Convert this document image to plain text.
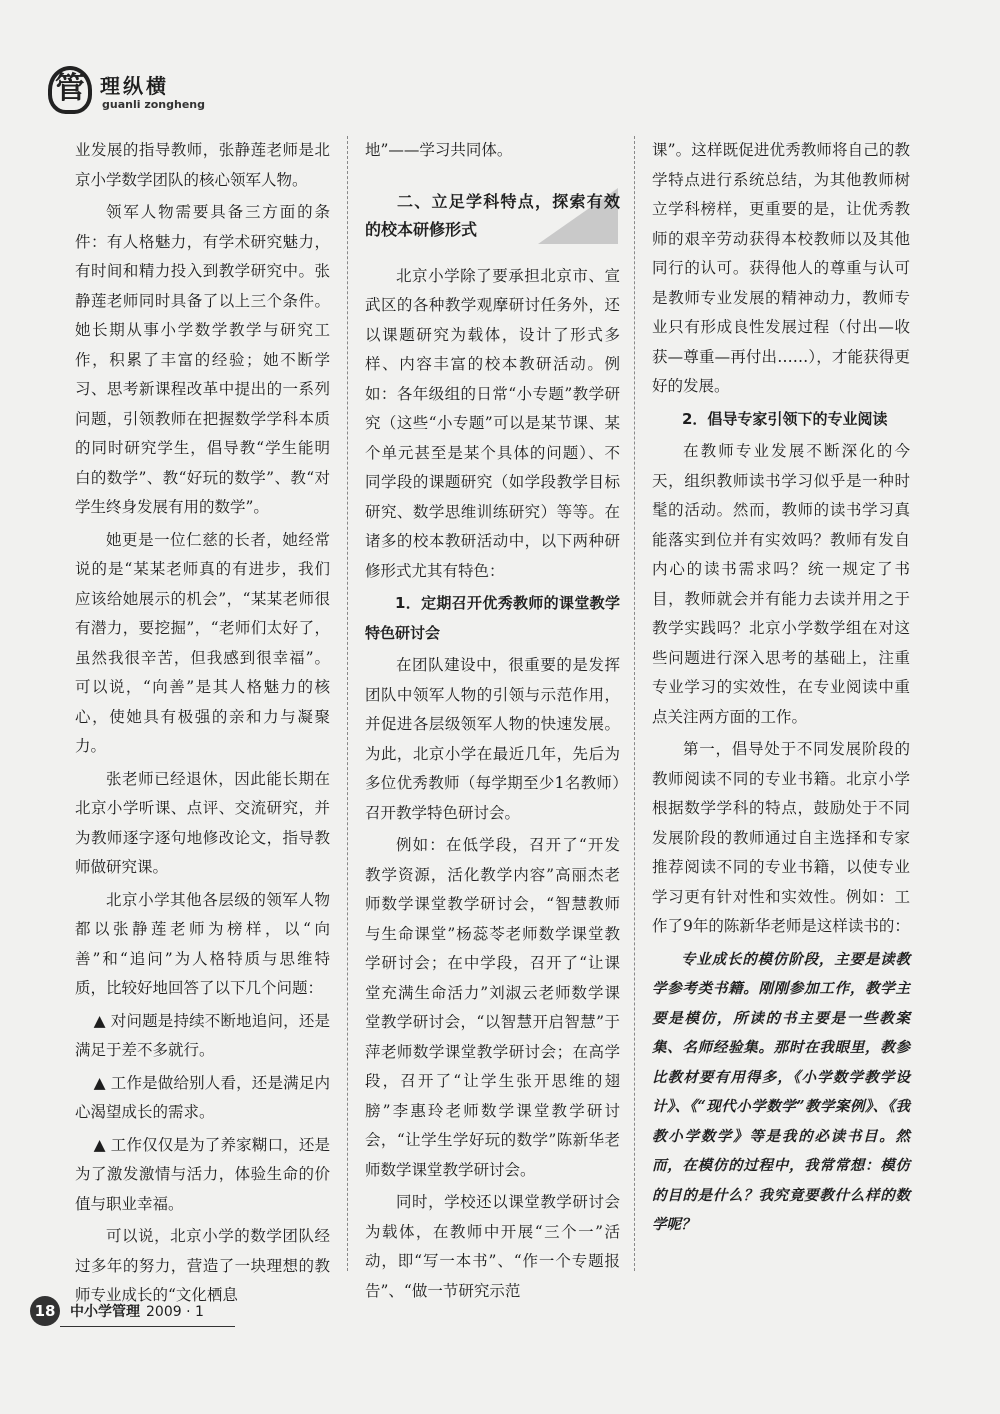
管 理纵横
guanli zongheng

业发展的指导教师，张静莲老师是北京小学数学团队的核心领军人物。

领军人物需要具备三方面的条件：有人格魅力，有学术研究魅力，有时间和精力投入到教学研究中。张静莲老师同时具备了以上三个条件。她长期从事小学数学教学与研究工作，积累了丰富的经验；她不断学习、思考新课程改革中提出的一系列问题，引领教师在把握数学学科本质的同时研究学生，倡导教“学生能明白的数学”、教“好玩的数学”、教“对学生终身发展有用的数学”。

她更是一位仁慈的长者，她经常说的是“某某老师真的有进步，我们应该给她展示的机会”，“某某老师很有潜力，要挖掘”，“老师们太好了，虽然我很辛苦，但我感到很幸福”。可以说，“向善”是其人格魅力的核心，使她具有极强的亲和力与凝聚力。

张老师已经退休，因此能长期在北京小学听课、点评、交流研究，并为教师逐字逐句地修改论文，指导教师做研究课。

北京小学其他各层级的领军人物都以张静莲老师为榜样，以“向善”和“追问”为人格特质与思维特质，比较好地回答了以下几个问题：

▲ 对问题是持续不断地追问，还是满足于差不多就行。

▲ 工作是做给别人看，还是满足内心渴望成长的需求。

▲ 工作仅仅是为了养家糊口，还是为了激发激情与活力，体验生命的价值与职业幸福。

可以说，北京小学的数学团队经过多年的努力，营造了一块理想的教师专业成长的“文化栖息

地”——学习共同体。

二、立足学科特点，探索有效的校本研修形式

北京小学除了要承担北京市、宣武区的各种教学观摩研讨任务外，还以课题研究为载体，设计了形式多样、内容丰富的校本教研活动。例如：各年级组的日常“小专题”教学研究（这些“小专题”可以是某节课、某个单元甚至是某个具体的问题）、不同学段的课题研究（如学段教学目标研究、数学思维训练研究）等等。在诸多的校本教研活动中，以下两种研修形式尤其有特色：

1．定期召开优秀教师的课堂教学特色研讨会

在团队建设中，很重要的是发挥团队中领军人物的引领与示范作用，并促进各层级领军人物的快速发展。为此，北京小学在最近几年，先后为多位优秀教师（每学期至少1名教师）召开教学特色研讨会。

例如：在低学段，召开了“开发教学资源，活化教学内容”高丽杰老师数学课堂教学研讨会，“智慧教师与生命课堂”杨蕊苓老师数学课堂教学研讨会；在中学段，召开了“让课堂充满生命活力”刘淑云老师数学课堂教学研讨会，“以智慧开启智慧”于萍老师数学课堂教学研讨会；在高学段，召开了“让学生张开思维的翅膀”李惠玲老师数学课堂教学研讨会，“让学生学好玩的数学”陈新华老师数学课堂教学研讨会。

同时，学校还以课堂教学研讨会为载体，在教师中开展“三个一”活动，即“写一本书”、“作一个专题报告”、“做一节研究示范

课”。这样既促进优秀教师将自己的教学特点进行系统总结，为其他教师树立学科榜样，更重要的是，让优秀教师的艰辛劳动获得本校教师以及其他同行的认可。获得他人的尊重与认可是教师专业发展的精神动力，教师专业只有形成良性发展过程（付出—收获—尊重—再付出……），才能获得更好的发展。

2．倡导专家引领下的专业阅读

在教师专业发展不断深化的今天，组织教师读书学习似乎是一种时髦的活动。然而，教师的读书学习真能落实到位并有实效吗？教师有发自内心的读书需求吗？统一规定了书目，教师就会并有能力去读并用之于教学实践吗？北京小学数学组在对这些问题进行深入思考的基础上，注重专业学习的实效性，在专业阅读中重点关注两方面的工作。

第一，倡导处于不同发展阶段的教师阅读不同的专业书籍。北京小学根据数学学科的特点，鼓励处于不同发展阶段的教师通过自主选择和专家推荐阅读不同的专业书籍，以使专业学习更有针对性和实效性。例如：工作了9年的陈新华老师是这样读书的：

专业成长的模仿阶段，主要是读教学参考类书籍。刚刚参加工作，教学主要是模仿，所读的书主要是一些教案集、名师经验集。那时在我眼里，教参比教材要有用得多，《小学数学教学设计》、《“现代小学数学”教学案例》、《我教小学数学》等是我的必读书目。然而，在模仿的过程中，我常常想：模仿的目的是什么？我究竟要教什么样的数学呢？

18	中小学管理 2009 · 1
